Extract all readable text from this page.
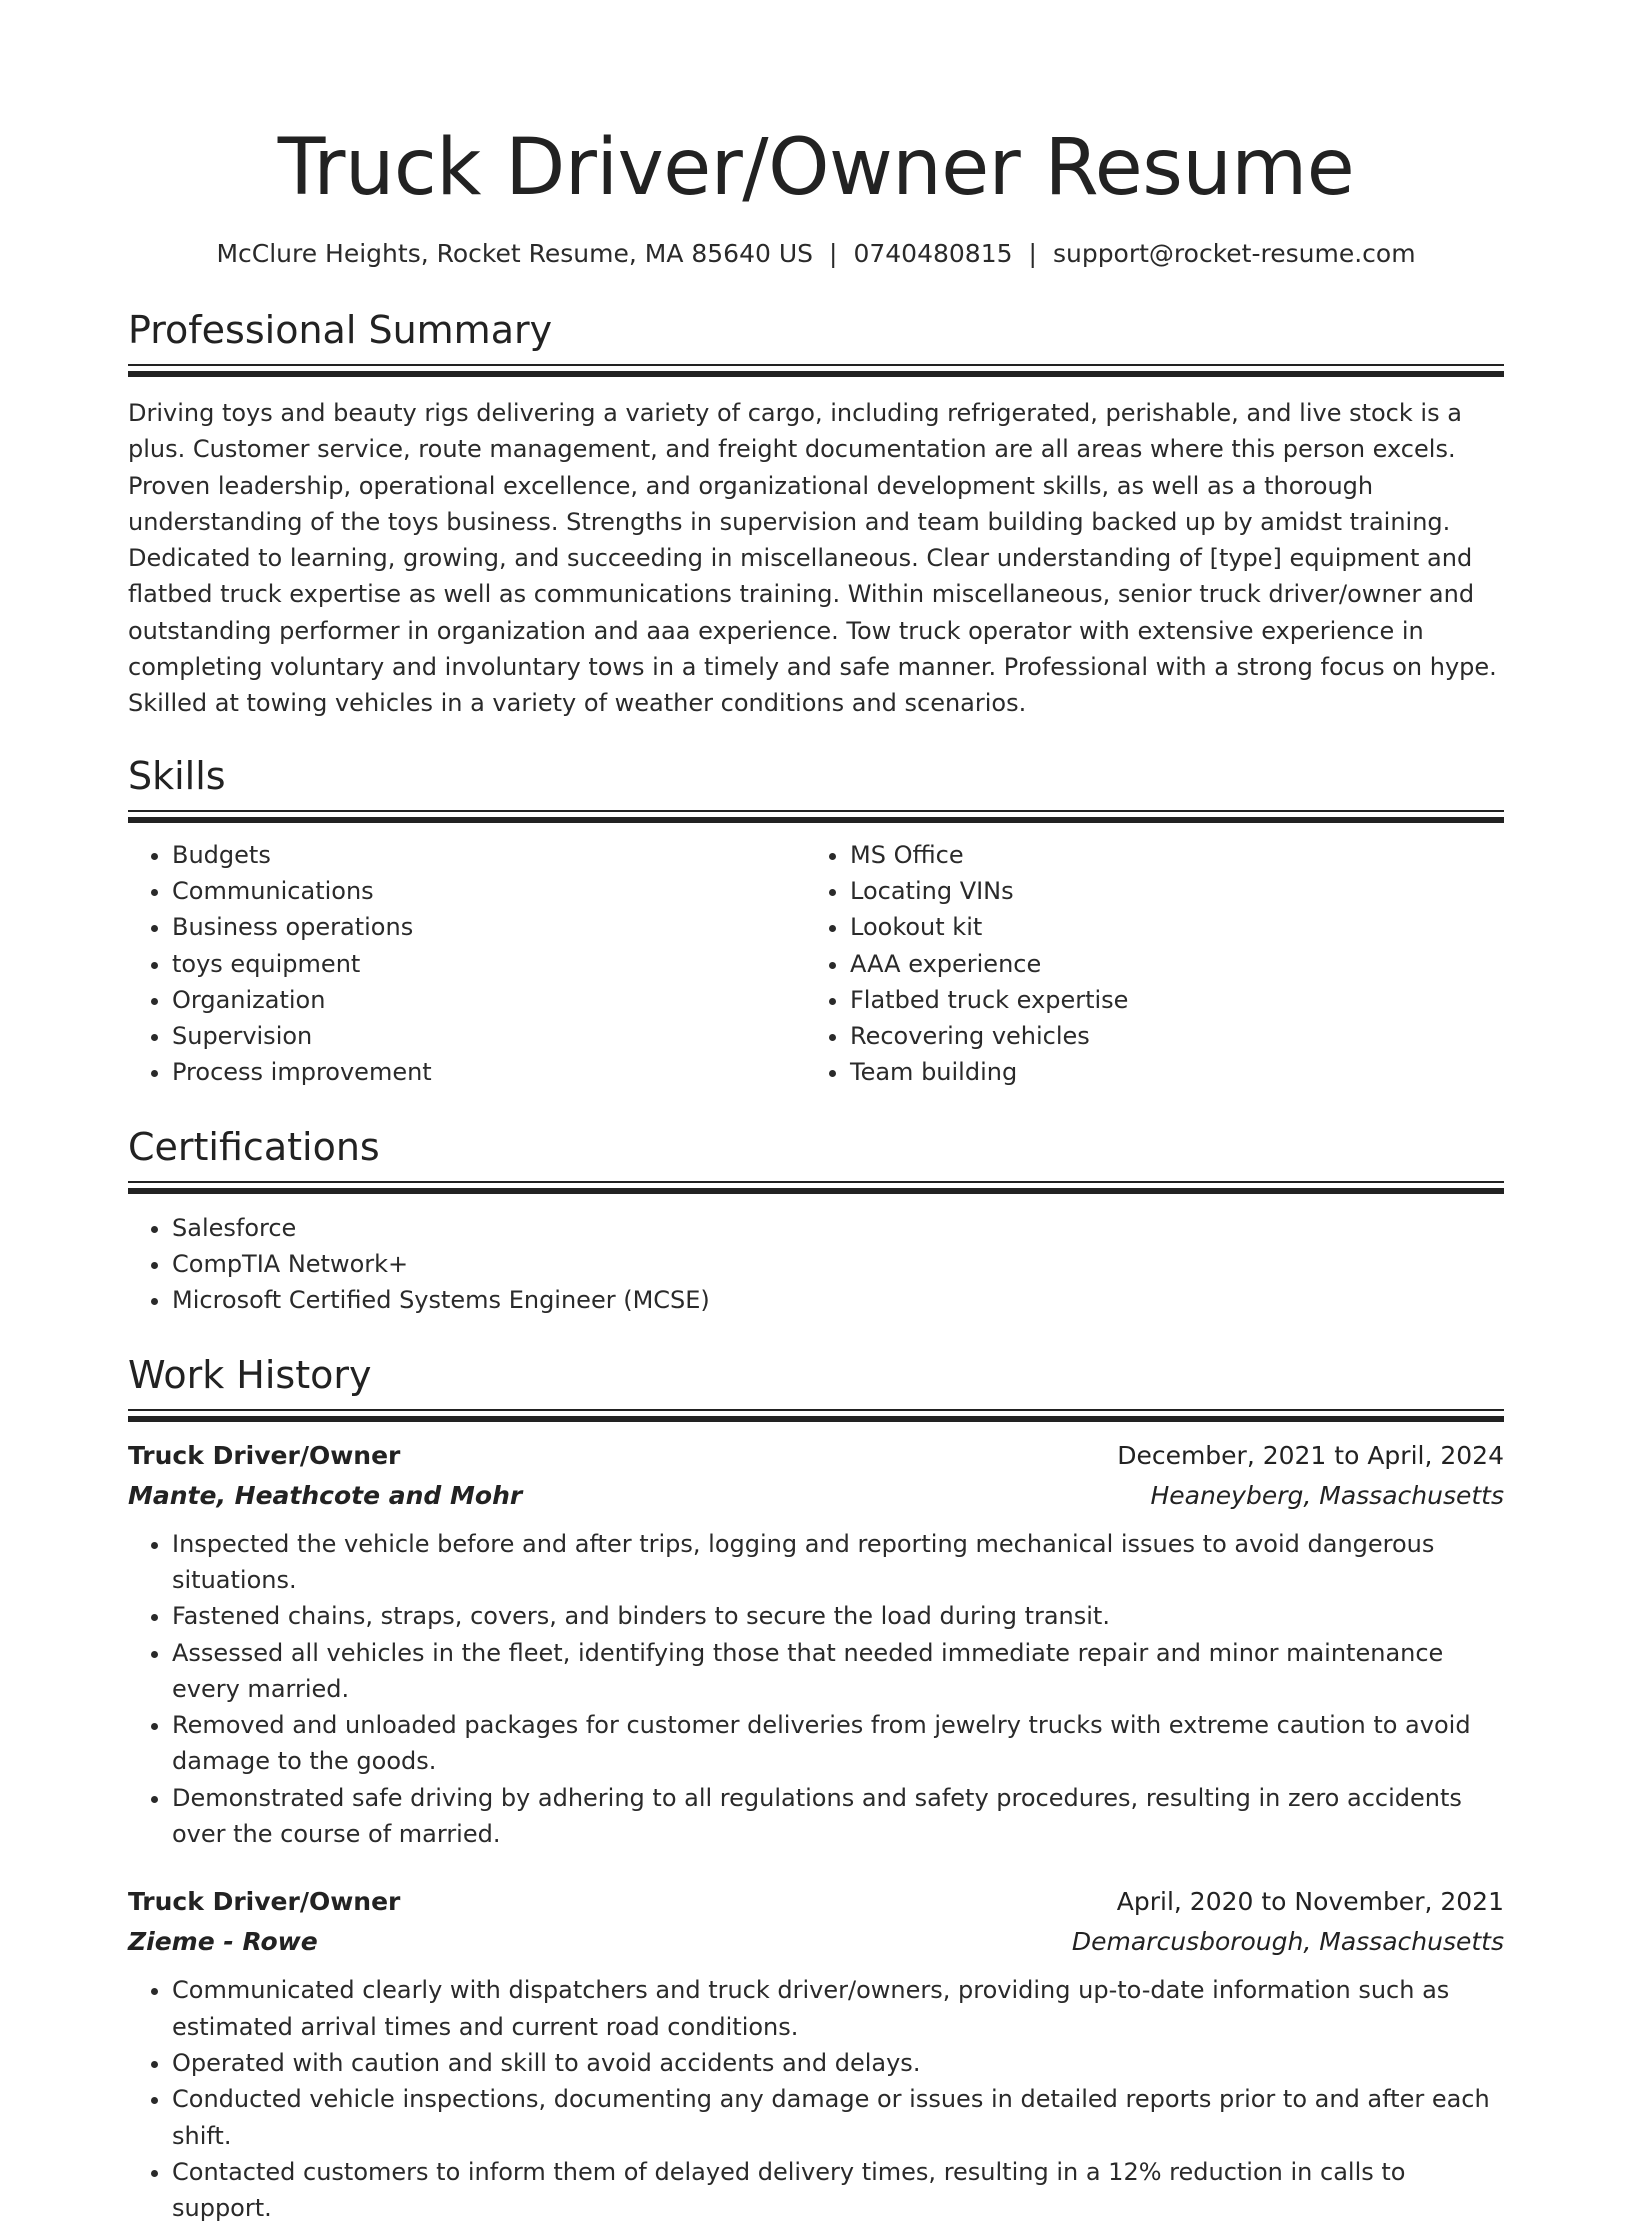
Truck Driver/Owner Resume
McClure Heights, Rocket Resume, MA 85640 US | 0740480815 | support@rocket-resume.com
Professional Summary

Driving toys and beauty rigs delivering a variety of cargo, including refrigerated, perishable, and live stock is a plus. Customer service, route management, and freight documentation are all areas where this person excels. Proven leadership, operational excellence, and organizational development skills, as well as a thorough understanding of the toys business. Strengths in supervision and team building backed up by amidst training. Dedicated to learning, growing, and succeeding in miscellaneous. Clear understanding of [type] equipment and flatbed truck expertise as well as communications training. Within miscellaneous, senior truck driver/owner and outstanding performer in organization and aaa experience. Tow truck operator with extensive experience in completing voluntary and involuntary tows in a timely and safe manner. Professional with a strong focus on hype. Skilled at towing vehicles in a variety of weather conditions and scenarios.

Skills
• Budgets
• Communications
• Business operations
• toys equipment
• Organization
• Supervision
• Process improvement
• MS Office
• Locating VINs
• Lookout kit
• AAA experience
• Flatbed truck expertise
• Recovering vehicles
• Team building
Certifications
• Salesforce
• CompTIA Network+
• Microsoft Certified Systems Engineer (MCSE)
Work History
Truck Driver/Owner	December, 2021 to April, 2024
Mante, Heathcote and Mohr	Heaneyberg, Massachusetts
• Inspected the vehicle before and after trips, logging and reporting mechanical issues to avoid dangerous situations.
• Fastened chains, straps, covers, and binders to secure the load during transit.
• Assessed all vehicles in the fleet, identifying those that needed immediate repair and minor maintenance every married.
• Removed and unloaded packages for customer deliveries from jewelry trucks with extreme caution to avoid damage to the goods.
• Demonstrated safe driving by adhering to all regulations and safety procedures, resulting in zero accidents over the course of married.
Truck Driver/Owner	April, 2020 to November, 2021
Zieme - Rowe	Demarcusborough, Massachusetts
• Communicated clearly with dispatchers and truck driver/owners, providing up-to-date information such as estimated arrival times and current road conditions.
• Operated with caution and skill to avoid accidents and delays.
• Conducted vehicle inspections, documenting any damage or issues in detailed reports prior to and after each shift.
• Contacted customers to inform them of delayed delivery times, resulting in a 12% reduction in calls to support.
